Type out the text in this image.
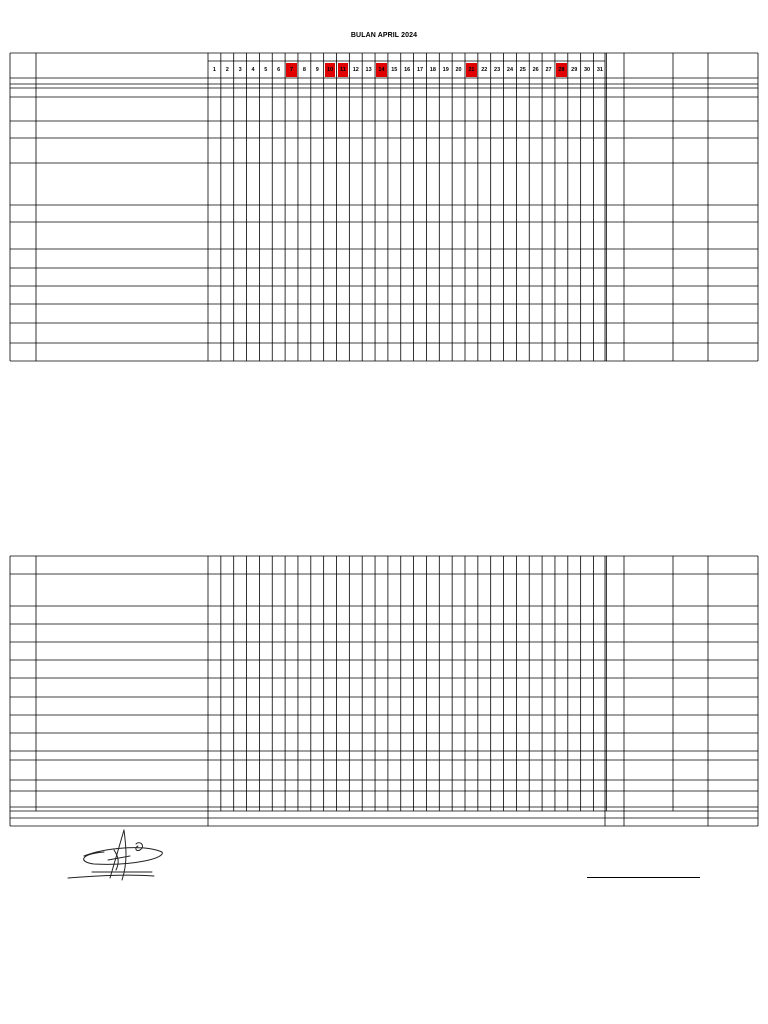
BULAN APRIL 2024
1	2	3	4	5	6	7	8	9	10	11	12	13	14	15	16	17	18	19	20	21	22	23	24	25	26	27	28	29	30	31
